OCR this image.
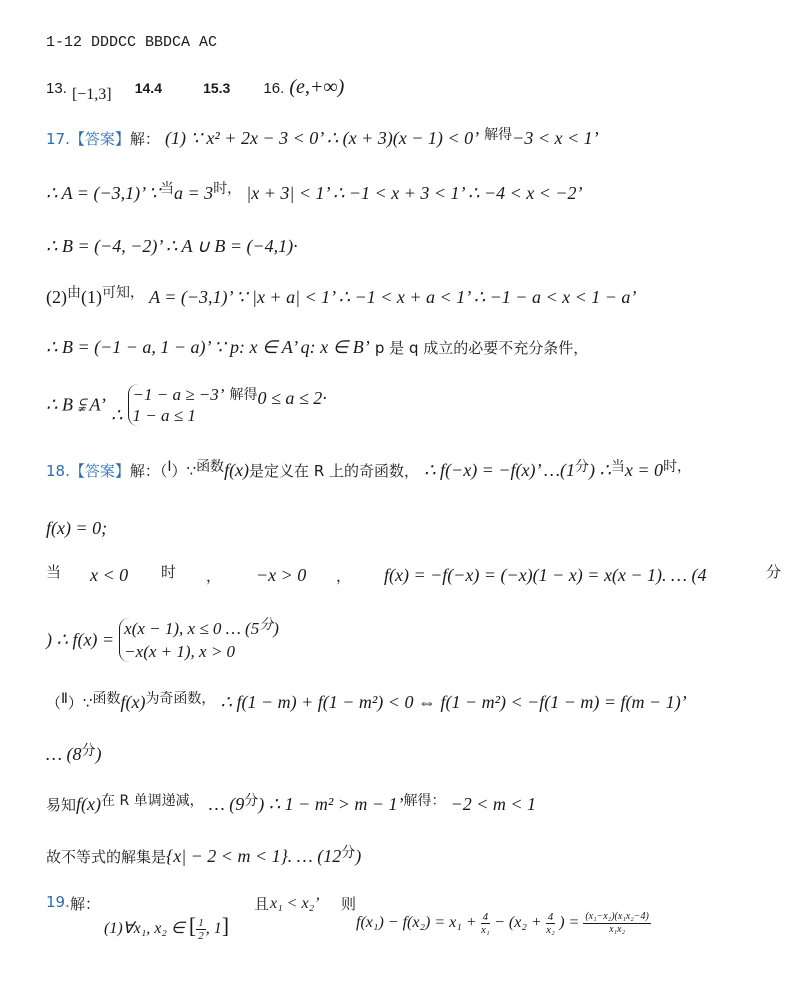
1-12 DDDCC BBDCA AC
13. [−1,3] 14.4	15.3 16. (e,+∞)
17.【答案】解： (1) ∵ x² + 2x − 3 < 0’ ∴ (x + 3)(x − 1) < 0’ 解得−3 < x < 1’
∴ A = (−3,1)’ ∵当a = 3时， |x + 3| < 1’ ∴ −1 < x + 3 < 1’ ∴ −4 < x < −2’
∴ B = (−4, −2)’ ∴ A ∪ B = (−4,1)·
(2)由(1)可知， A = (−3,1)’ ∵ |x + a| < 1’ ∴ −1 < x + a < 1’ ∴ −1 − a < x < 1 − a’
∴ B = (−1 − a, 1 − a)’ ∵ p: x ∈ A’ q: x ∈ B’ p 是 q 成立的必要不充分条件，
∴ B ⫋ A’ ∴ −1 − a ≥ −3’
1 − a ≤ 1 解得0 ≤ a ≤ 2·
18.【答案】解：（Ⅰ）∵函数f(x)是定义在 R 上的奇函数， ∴ f(−x) = −f(x)’ …(1分) ∴当x = 0时，
f(x) = 0;
当 x < 0 时 ， −x > 0 ， f(x) = −f(−x) = (−x)(1 − x) = x(x − 1). … (4	分
) ∴ f(x) = x(x − 1), x ≤ 0 … $(5^分)$
−x(x + 1), x > 0
（Ⅱ）∵函数f(x)为奇函数， ∴ f(1 − m) + f(1 − m²) < 0 ⇔ f(1 − m²) < −f(1 − m) = f(m − 1)’
… (8分)
易知f(x)在 R 单调递减， … (9分) ∴ 1 − m² > m − 1’解得： −2 < m < 1
故不等式的解集是{x| − 2 < m < 1}. … (12分)
19. 解：	且 x₁ < x₂’ 则
(1)∀x₁, x₂ ∈ [ $\frac{1}{2}$ , 1]	$f(x_1) - f(x_2) = x_1 + \frac{4}{\text{x₁}} - (x_2 + \frac{4}{\text{x₂}}$ ) = $\frac{\text{(x₁−x₂)(x₁x₂−4)}}{\text{x₁x₂}}$
